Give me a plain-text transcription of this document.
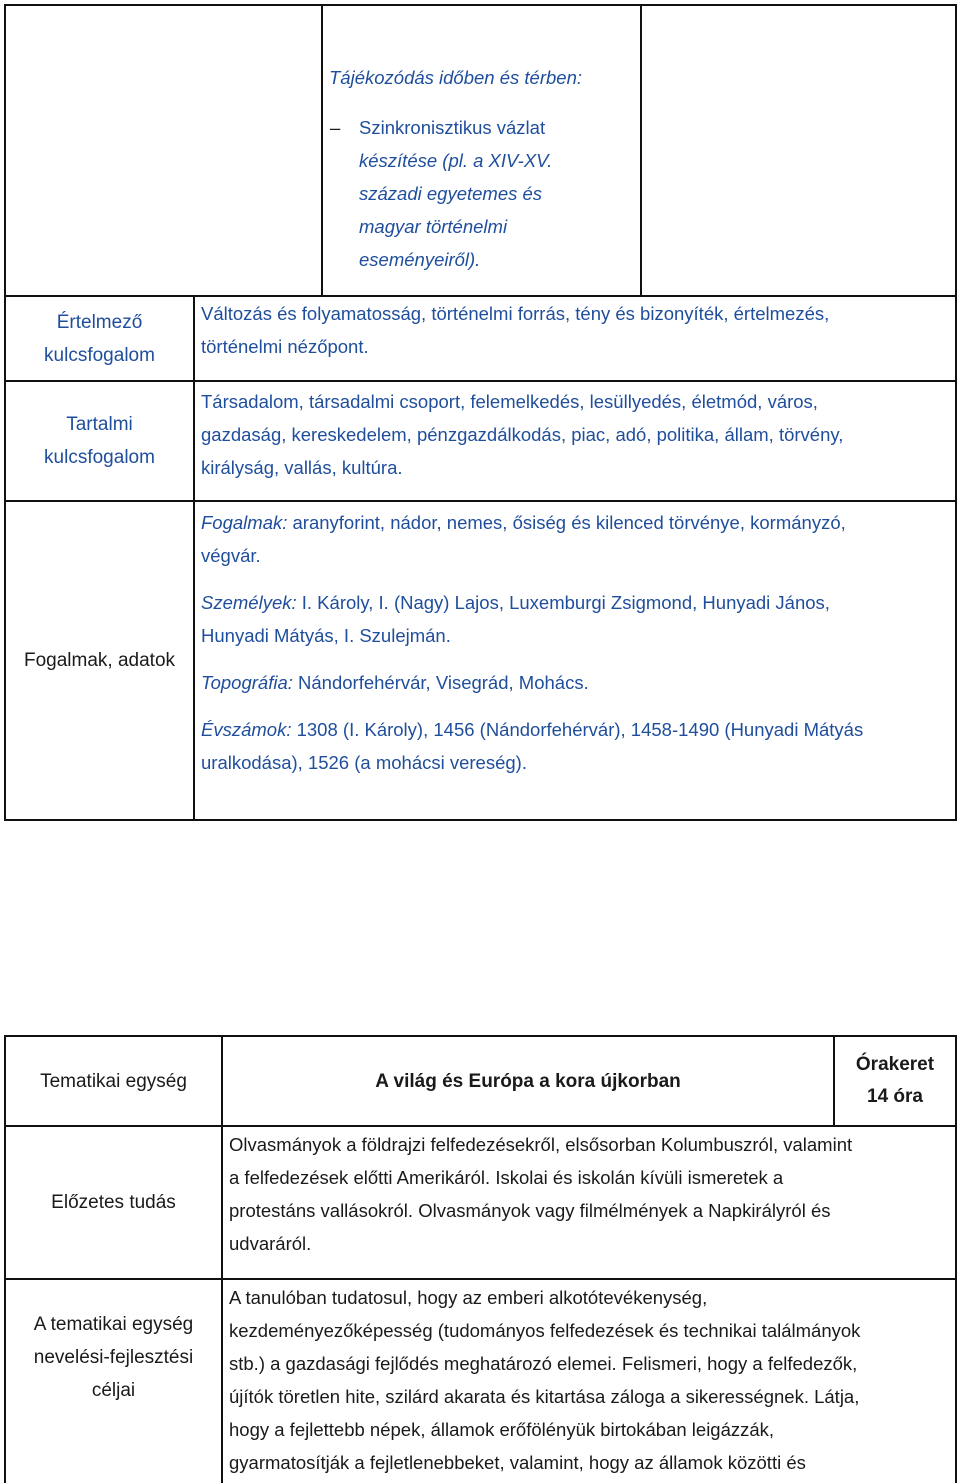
Tájékozódás időben és térben:

–	Szinkronisztikus vázlat

készítése (pl. a XIV-XV.

századi egyetemes és

magyar történelmi

eseményeiről).

Értelmező
kulcsfogalom

Változás és folyamatosság, történelmi forrás, tény és bizonyíték, értelmezés,

történelmi nézőpont.

Tartalmi
kulcsfogalom

Társadalom, társadalmi csoport, felemelkedés, lesüllyedés, életmód, város,

gazdaság, kereskedelem, pénzgazdálkodás, piac, adó, politika, állam, törvény,

királyság, vallás, kultúra.

Fogalmak, adatok

Fogalmak: aranyforint, nádor, nemes, ősiség és kilenced törvénye, kormányzó,

végvár.

Személyek: I. Károly, I. (Nagy) Lajos, Luxemburgi Zsigmond, Hunyadi János,

Hunyadi Mátyás, I. Szulejmán.

Topográfia: Nándorfehérvár, Visegrád, Mohács.

Évszámok: 1308 (I. Károly), 1456 (Nándorfehérvár), 1458-1490 (Hunyadi Mátyás

uralkodása), 1526 (a mohácsi vereség).

Tematikai egység	A világ és Európa a kora újkorban
Órakeret
14 óra
Előzetes tudás

Olvasmányok a földrajzi felfedezésekről, elsősorban Kolumbuszról, valamint

a felfedezések előtti Amerikáról. Iskolai és iskolán kívüli ismeretek a

protestáns vallásokról. Olvasmányok vagy filmélmények a Napkirályról és

udvaráról.

A tematikai egység
nevelési-fejlesztési
céljai

A tanulóban tudatosul, hogy az emberi alkotótevékenység,

kezdeményezőképesség (tudományos felfedezések és technikai találmányok

stb.) a gazdasági fejlődés meghatározó elemei. Felismeri, hogy a felfedezők,

újítók töretlen hite, szilárd akarata és kitartása záloga a sikerességnek. Látja,

hogy a fejlettebb népek, államok erőfölényük birtokában leigázzák,

gyarmatosítják a fejletlenebbeket, valamint, hogy az államok közötti és
